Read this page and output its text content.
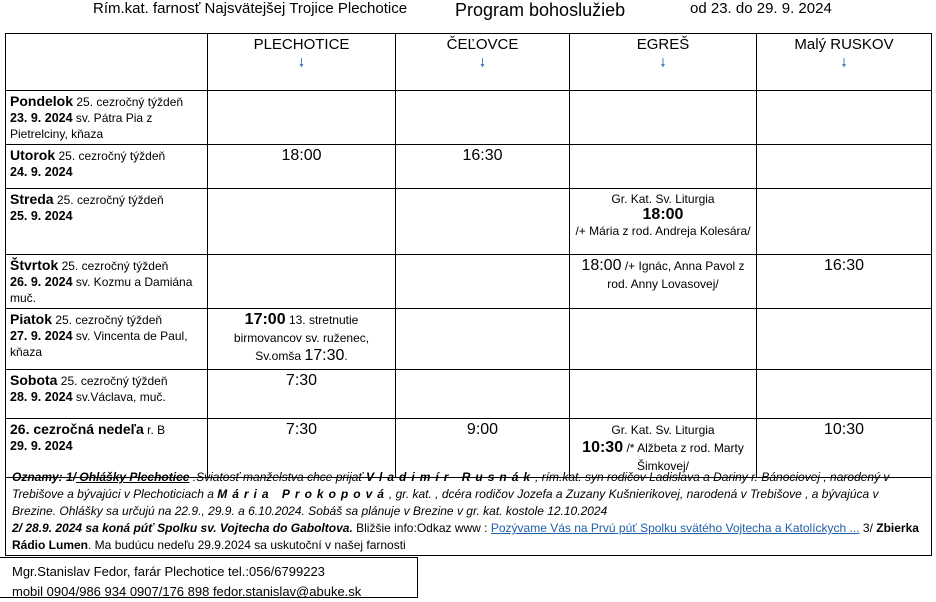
Rím.kat. farnosť Najsvätejšej Trojice Plechotice	Program bohoslužieb	od 23. do 29. 9. 2024
	PLECHOTICE
🠗	ČEĽOVCE
🠗	EGREŠ
🠗	Malý RUSKOV
🠗

Pondelok 25. cezročný týždeň 23. 9. 2024 sv. Pátra Pia z Pietrelciny, kňaza				
Utorok 25. cezročný týždeň
24. 9. 2024	18:00	16:30		
Streda 25. cezročný týždeň
25. 9. 2024			Gr. Kat. Sv. Liturgia
18:00
/+ Mária z rod. Andreja Kolesára/	
Štvrtok 25. cezročný týždeň
26. 9. 2024 sv. Kozmu a Damiána muč.			18:00 /+ Ignác, Anna Pavol z rod. Anny Lovasovej/	16:30
Piatok 25. cezročný týždeň
27. 9. 2024 sv. Vincenta de Paul, kňaza	17:00 13. stretnutie birmovancov sv. ruženec,
Sv.omša 17:30.			
Sobota 25. cezročný týždeň
28. 9. 2024 sv.Václava, muč.	7:30			
26. cezročná nedeľa r. B
29. 9. 2024	7:30	9:00	Gr. Kat. Sv. Liturgia
10:30 /* Alžbeta z rod. Marty Šimkovej/	10:30
Oznamy: 1/ Ohlášky Plechotice .Sviatosť manželstva chce prijať Vladimír Rusnák, rím.kat. syn rodičov Ladislava a Dariny r. Bánociovej , narodený v Trebišove a bývajúci v Plechoticiach a Mária Prokopová, gr. kat. , dcéra rodičov Jozefa a Zuzany Kušnierikovej, narodená v Trebišove , a bývajúca v Brezine. Ohlášky sa určujú na 22.9., 29.9. a 6.10.2024. Sobáš sa plánuje v Brezine v gr. kat. kostole 12.10.2024
2/ 28.9. 2024 sa koná púť Spolku sv. Vojtecha do Gaboltova. Bližšie info:Odkaz www : Pozývame Vás na Prvú púť Spolku svätého Vojtecha a Katolíckych ... 3/ Zbierka Rádio Lumen. Ma budúcu nedeľu 29.9.2024 sa uskutoční v našej farnosti
Mgr.Stanislav Fedor, farár Plechotice tel.:056/6799223
mobil 0904/986 934 0907/176 898 fedor.stanislav@abuke.sk
